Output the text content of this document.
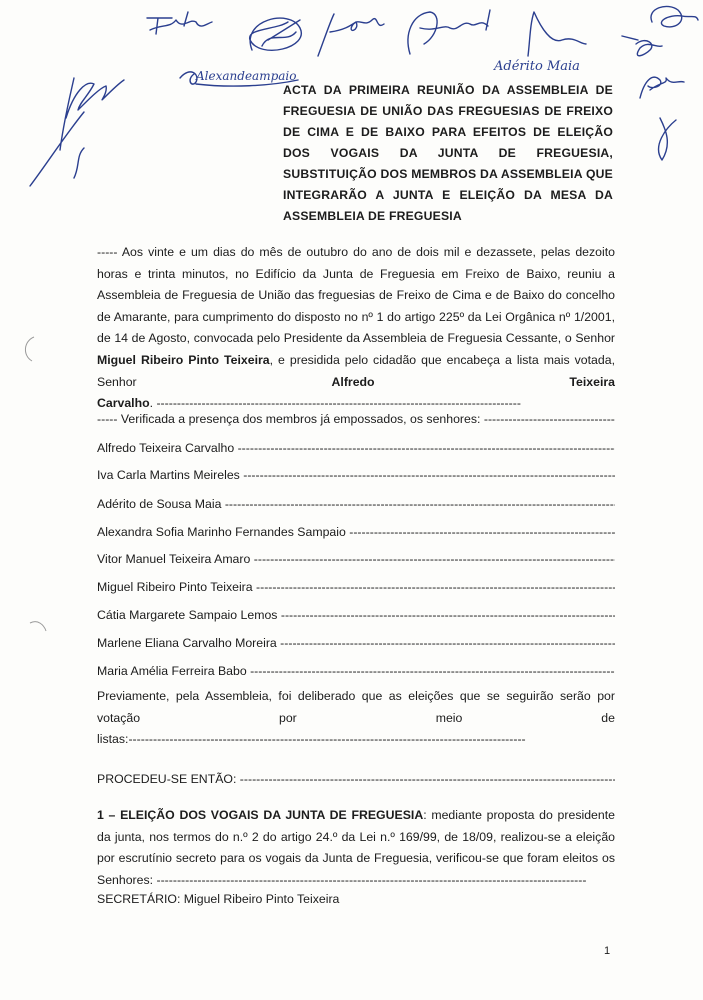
Alexandeampaio
Adérito Maia
ACTA DA PRIMEIRA REUNIÃO DA ASSEMBLEIA DE FREGUESIA DE UNIÃO DAS FREGUESIAS DE FREIXO DE CIMA E DE BAIXO PARA EFEITOS DE ELEIÇÃO DOS VOGAIS DA JUNTA DE FREGUESIA, SUBSTITUIÇÃO DOS MEMBROS DA ASSEMBLEIA QUE INTEGRARÃO A JUNTA E ELEIÇÃO DA MESA DA ASSEMBLEIA DE FREGUESIA
----- Aos vinte e um dias do mês de outubro do ano de dois mil e dezassete, pelas dezoito horas e trinta minutos, no Edifício da Junta de Freguesia em Freixo de Baixo, reuniu a Assembleia de Freguesia de União das freguesias de Freixo de Cima e de Baixo do concelho de Amarante, para cumprimento do disposto no nº 1 do artigo 225º da Lei Orgânica nº 1/2001, de 14 de Agosto, convocada pelo Presidente da Assembleia de Freguesia Cessante, o Senhor Miguel Ribeiro Pinto Teixeira, e presidida pelo cidadão que encabeça a lista mais votada, Senhor Alfredo Teixeira Carvalho. -----------------------------------------------------------------------------------------
----- Verificada a presença dos membros já empossados, os senhores: -----
Alfredo Teixeira Carvalho -----
Iva Carla Martins Meireles -----
Adérito de Sousa Maia -----
Alexandra Sofia Marinho Fernandes Sampaio -----
Vitor Manuel Teixeira Amaro -----
Miguel Ribeiro Pinto Teixeira -----
Cátia Margarete Sampaio Lemos -----
Marlene Eliana Carvalho Moreira -----
Maria Amélia Ferreira Babo -----
Previamente, pela Assembleia, foi deliberado que as eleições que se seguirão serão por votação por meio de listas:-------------------------------------------------------------------------------------------------
PROCEDEU-SE ENTÃO: -----
1 – ELEIÇÃO DOS VOGAIS DA JUNTA DE FREGUESIA: mediante proposta do presidente da junta, nos termos do n.º 2 do artigo 24.º da Lei n.º 169/99, de 18/09, realizou-se a eleição por escrutínio secreto para os vogais da Junta de Freguesia, verificou-se que foram eleitos os Senhores: ---------------------------------------------------------------------------------------------------------
SECRETÁRIO: Miguel Ribeiro Pinto Teixeira
1
